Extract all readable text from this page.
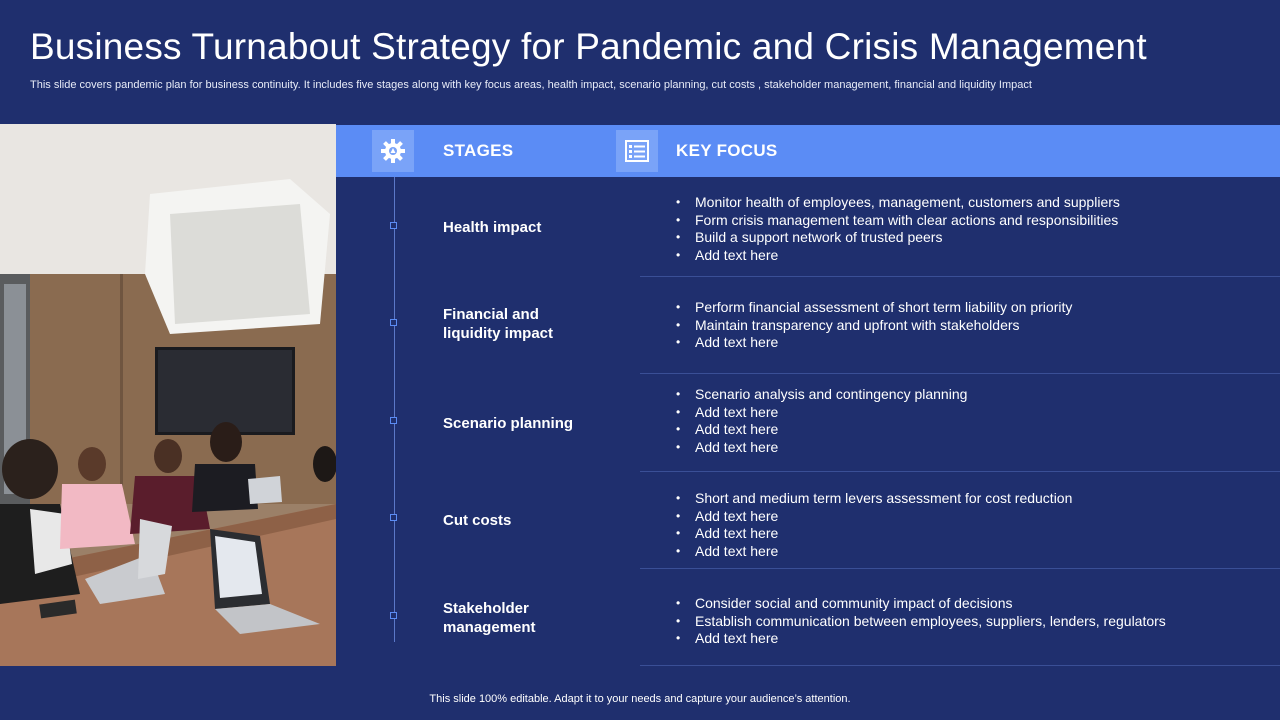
Business Turnabout Strategy for Pandemic and Crisis Management
This slide covers pandemic plan for business continuity. It includes five stages along with key focus areas, health impact, scenario planning, cut costs , stakeholder management, financial and liquidity Impact
STAGES	KEY FOCUS
Health impact
• Monitor health of employees, management, customers and suppliers
• Form crisis management team with clear actions and responsibilities
• Build a support network of trusted peers
• Add text here
Financial and
liquidity impact
• Perform financial assessment of short term liability on priority
• Maintain transparency and upfront with stakeholders
• Add text here
Scenario planning
• Scenario analysis and contingency planning
• Add text here
• Add text here
• Add text here
Cut costs
• Short and medium term levers assessment for cost reduction
• Add text here
• Add text here
• Add text here
Stakeholder
management
• Consider social and community impact of decisions
• Establish communication between employees, suppliers, lenders, regulators
• Add text here
This slide 100% editable. Adapt it to your needs and capture your audience’s attention.
